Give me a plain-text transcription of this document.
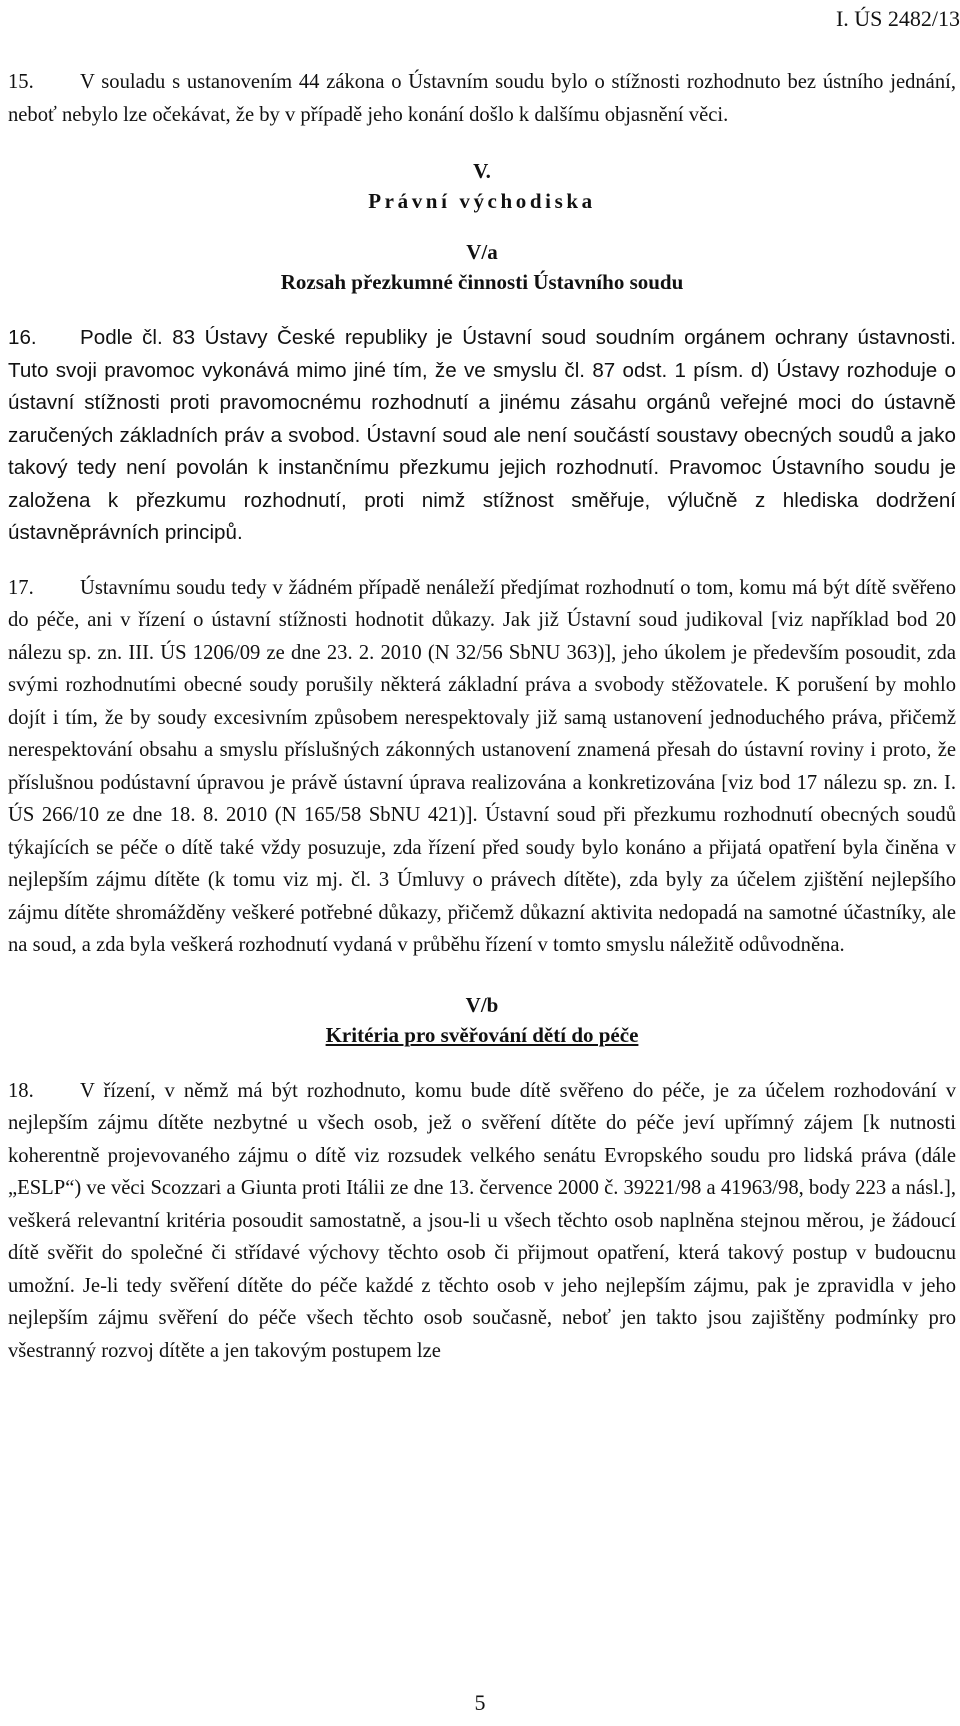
I. ÚS 2482/13

15. V souladu s ustanovením 44 zákona o Ústavním soudu bylo o stížnosti rozhodnuto bez ústního jednání, neboť nebylo lze očekávat, že by v případě jeho konání došlo k dalšímu objasnění věci.

V.
Právní východiska
V/a
Rozsah přezkumné činnosti Ústavního soudu

16. Podle čl. 83 Ústavy České republiky je Ústavní soud soudním orgánem ochrany ústavnosti. Tuto svoji pravomoc vykonává mimo jiné tím, že ve smyslu čl. 87 odst. 1 písm. d) Ústavy rozhoduje o ústavní stížnosti proti pravomocnému rozhodnutí a jinému zásahu orgánů veřejné moci do ústavně zaručených základních práv a svobod. Ústavní soud ale není součástí soustavy obecných soudů a jako takový tedy není povolán k instančnímu přezkumu jejich rozhodnutí. Pravomoc Ústavního soudu je založena k přezkumu rozhodnutí, proti nimž stížnost směřuje, výlučně z hlediska dodržení ústavněprávních principů.

17. Ústavnímu soudu tedy v žádném případě nenáleží předjímat rozhodnutí o tom, komu má být dítě svěřeno do péče, ani v řízení o ústavní stížnosti hodnotit důkazy. Jak již Ústavní soud judikoval [viz například bod 20 nálezu sp. zn. III. ÚS 1206/09 ze dne 23. 2. 2010 (N 32/56 SbNU 363)], jeho úkolem je především posoudit, zda svými rozhodnutími obecné soudy porušily některá základní práva a svobody stěžovatele. K porušení by mohlo dojít i tím, že by soudy excesivním způsobem nerespektovaly již samą ustanovení jednoduchého práva, přičemž nerespektování obsahu a smyslu příslušných zákonných ustanovení znamená přesah do ústavní roviny i proto, že příslušnou podústavní úpravou je právě ústavní úprava realizována a konkretizována [viz bod 17 nálezu sp. zn. I. ÚS 266/10 ze dne 18. 8. 2010 (N 165/58 SbNU 421)]. Ústavní soud při přezkumu rozhodnutí obecných soudů týkajících se péče o dítě také vždy posuzuje, zda řízení před soudy bylo konáno a přijatá opatření byla činěna v nejlepším zájmu dítěte (k tomu viz mj. čl. 3 Úmluvy o právech dítěte), zda byly za účelem zjištění nejlepšího zájmu dítěte shromážděny veškeré potřebné důkazy, přičemž důkazní aktivita nedopadá na samotné účastníky, ale na soud, a zda byla veškerá rozhodnutí vydaná v průběhu řízení v tomto smyslu náležitě odůvodněna.

V/b
Kritéria pro svěřování dětí do péče

18. V řízení, v němž má být rozhodnuto, komu bude dítě svěřeno do péče, je za účelem rozhodování v nejlepším zájmu dítěte nezbytné u všech osob, jež o svěření dítěte do péče jeví upřímný zájem [k nutnosti koherentně projevovaného zájmu o dítě viz rozsudek velkého senátu Evropského soudu pro lidská práva (dále „ESLP“) ve věci Scozzari a Giunta proti Itálii ze dne 13. července 2000 č. 39221/98 a 41963/98, body 223 a násl.], veškerá relevantní kritéria posoudit samostatně, a jsou-li u všech těchto osob naplněna stejnou měrou, je žádoucí dítě svěřit do společné či střídavé výchovy těchto osob či přijmout opatření, která takový postup v budoucnu umožní. Je-li tedy svěření dítěte do péče každé z těchto osob v jeho nejlepším zájmu, pak je zpravidla v jeho nejlepším zájmu svěření do péče všech těchto osob současně, neboť jen takto jsou zajištěny podmínky pro všestranný rozvoj dítěte a jen takovým postupem lze

5
